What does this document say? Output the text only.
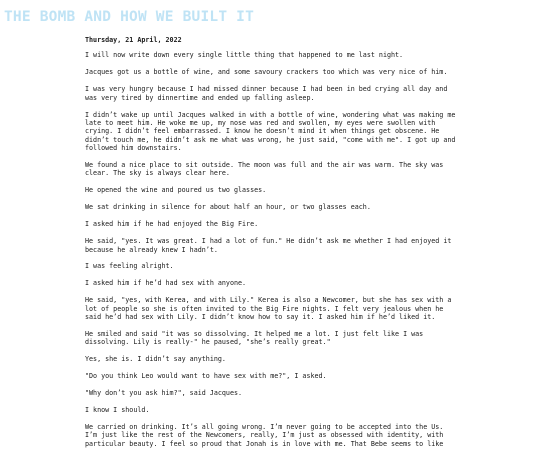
THE BOMB AND HOW WE BUILT IT

Thursday, 21 April, 2022

I will now write down every single little thing that happened to me last night.

Jacques got us a bottle of wine, and some savoury crackers too which was very nice of him.

I was very hungry because I had missed dinner because I had been in bed crying all day and was very tired by dinnertime and ended up falling asleep.

I didn’t wake up until Jacques walked in with a bottle of wine, wondering what was making me late to meet him. He woke me up, my nose was red and swollen, my eyes were swollen with crying. I didn’t feel embarrassed. I know he doesn’t mind it when things get obscene. He didn’t touch me, he didn’t ask me what was wrong, he just said, "come with me". I got up and followed him downstairs.

We found a nice place to sit outside. The moon was full and the air was warm. The sky was clear. The sky is always clear here.

He opened the wine and poured us two glasses.

We sat drinking in silence for about half an hour, or two glasses each.

I asked him if he had enjoyed the Big Fire.

He said, "yes. It was great. I had a lot of fun." He didn’t ask me whether I had enjoyed it because he already knew I hadn’t.

I was feeling alright.

I asked him if he’d had sex with anyone.

He said, "yes, with Kerea, and with Lily." Kerea is also a Newcomer, but she has sex with a lot of people so she is often invited to the Big Fire nights. I felt very jealous when he said he’d had sex with Lily. I didn’t know how to say it. I asked him if he’d liked it.

He smiled and said "it was so dissolving. It helped me a lot. I just felt like I was dissolving. Lily is really-" he paused, "she’s really great."

Yes, she is. I didn’t say anything.

"Do you think Leo would want to have sex with me?", I asked.

"Why don’t you ask him?", said Jacques.

I know I should.

We carried on drinking. It’s all going wrong. I’m never going to be accepted into the Us. I’m just like the rest of the Newcomers, really, I’m just as obsessed with identity, with particular beauty. I feel so proud that Jonah is in love with me. That Bebe seems to like
